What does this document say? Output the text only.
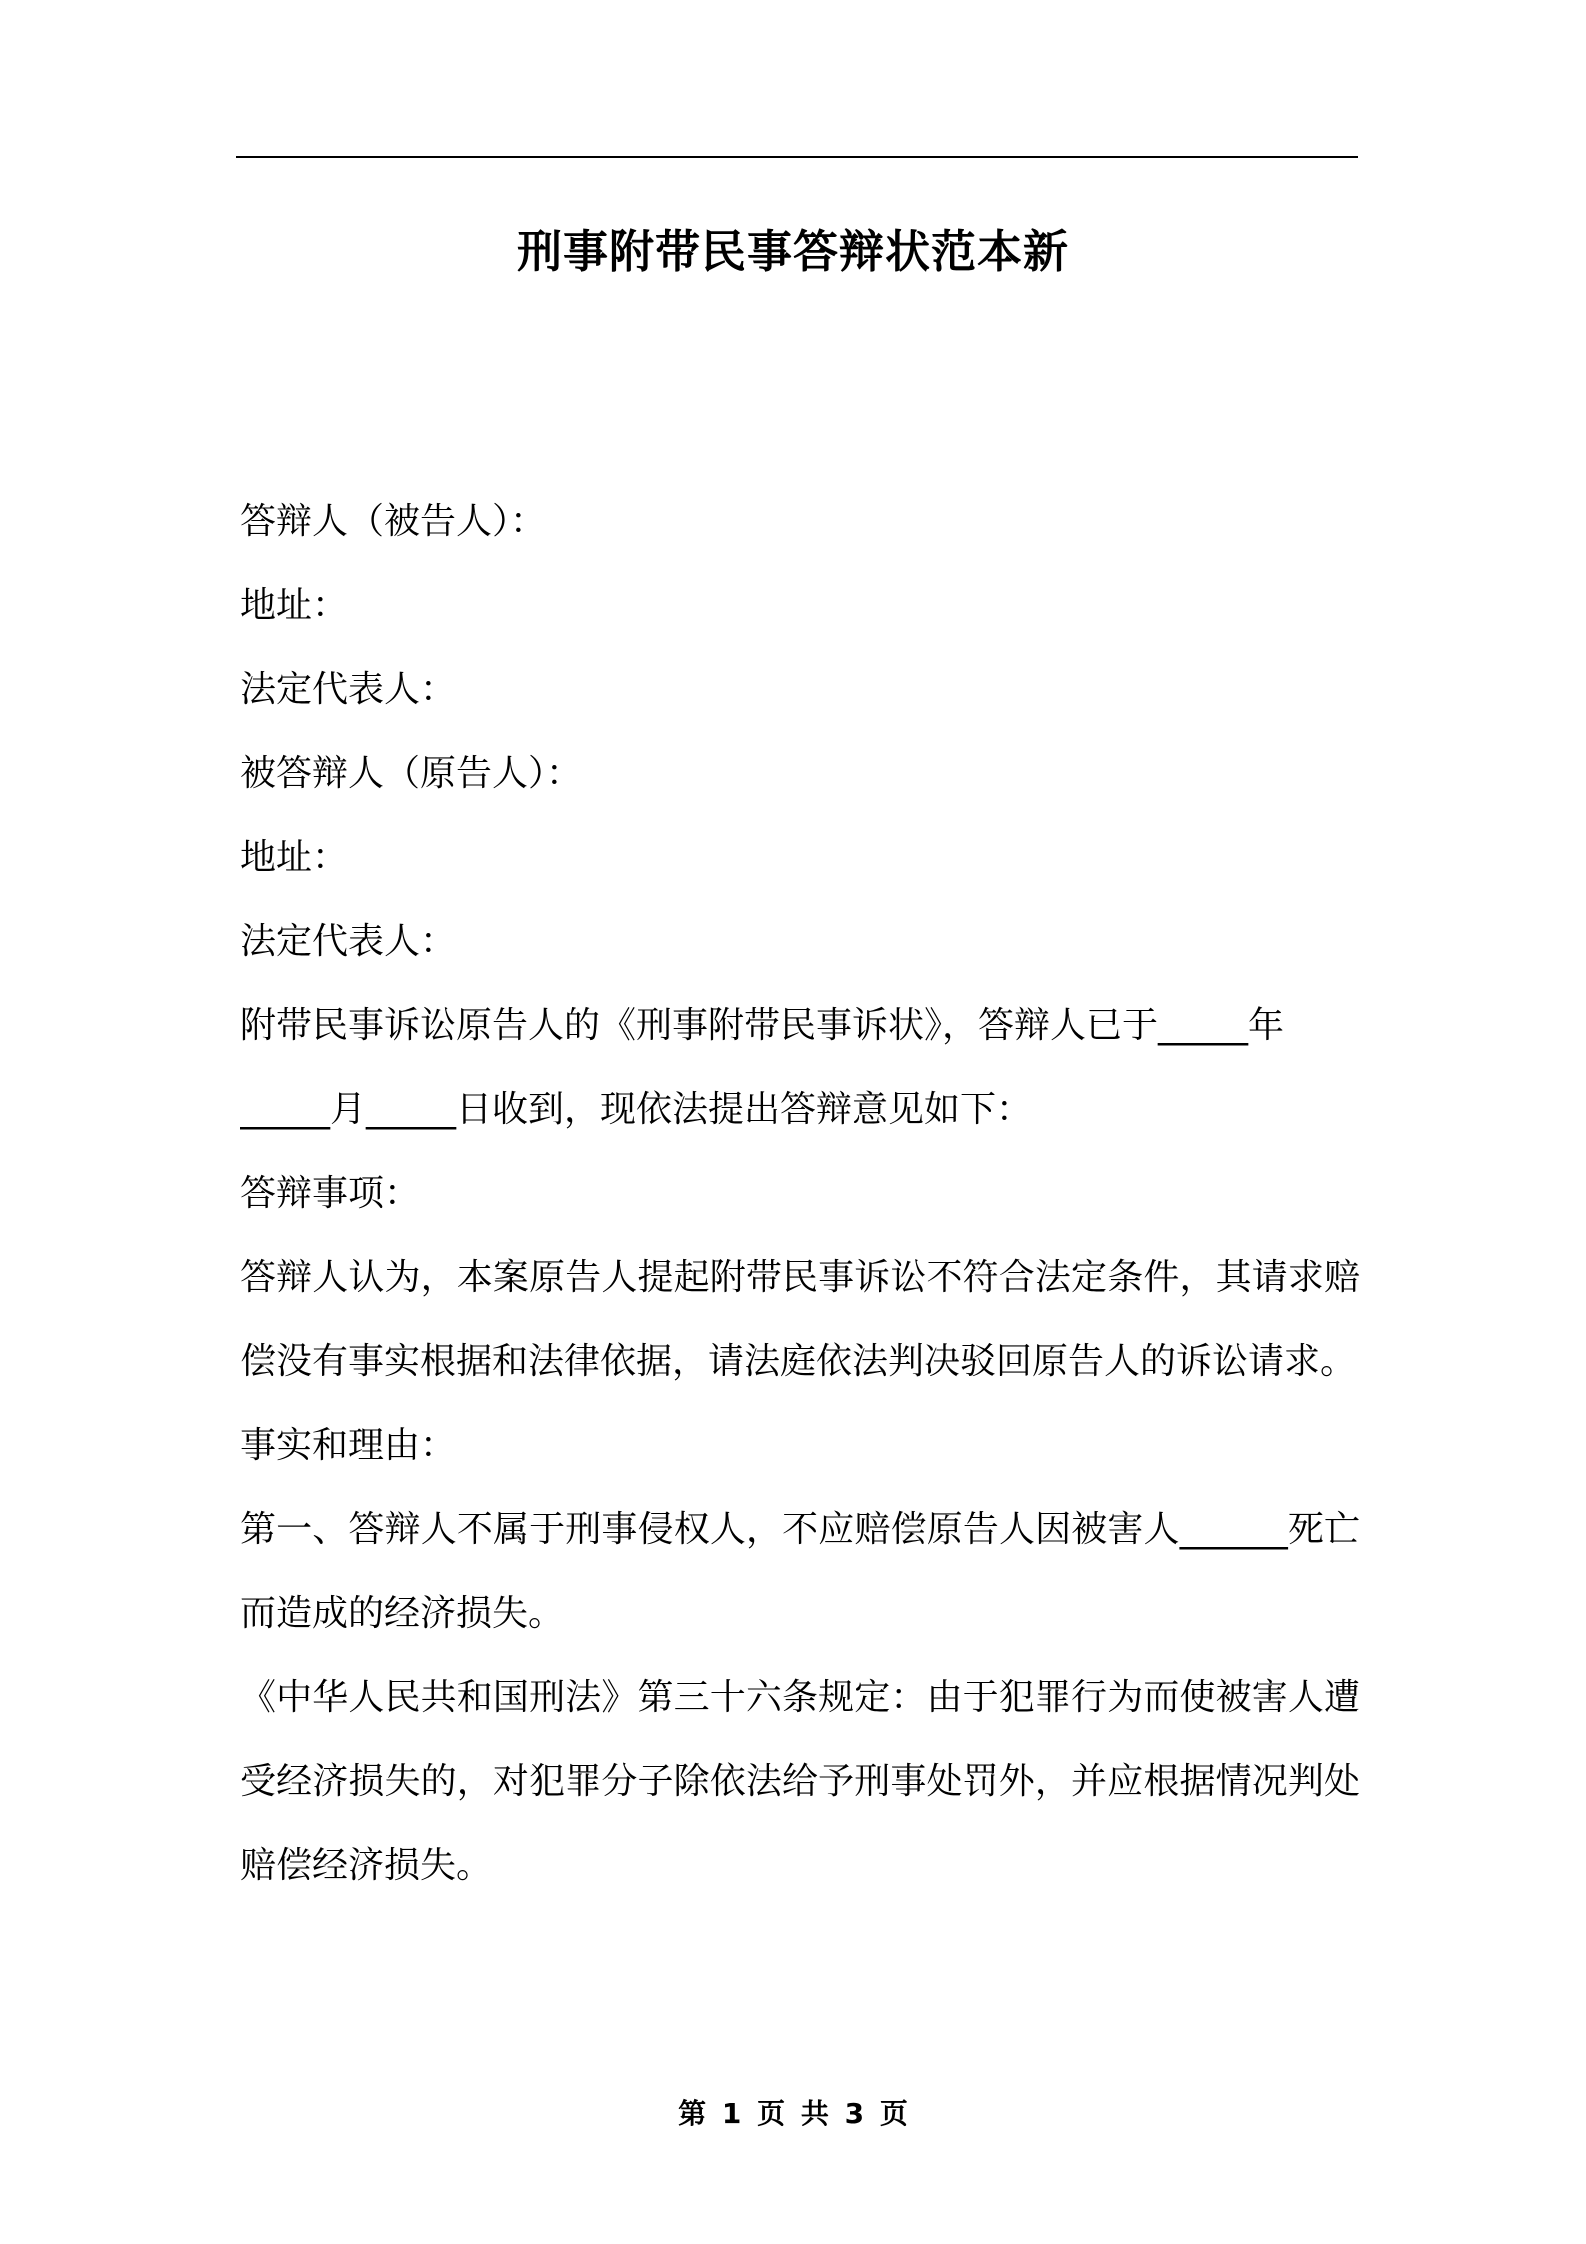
刑事附带民事答辩状范本新

答辩人（被告人）：

地址：

法定代表人：

被答辩人（原告人）：

地址：

法定代表人：

附带民事诉讼原告人的《刑事附带民事诉状》，答辩人已于_____年

_____月_____日收到，现依法提出答辩意见如下：

答辩事项：

答辩人认为，本案原告人提起附带民事诉讼不符合法定条件，其请求赔偿没有事实根据和法律依据，请法庭依法判决驳回原告人的诉讼请求。

事实和理由：

第一、答辩人不属于刑事侵权人，不应赔偿原告人因被害人______死亡而造成的经济损失。

《中华人民共和国刑法》第三十六条规定：由于犯罪行为而使被害人遭受经济损失的，对犯罪分子除依法给予刑事处罚外，并应根据情况判处赔偿经济损失。

第 1 页 共 3 页
